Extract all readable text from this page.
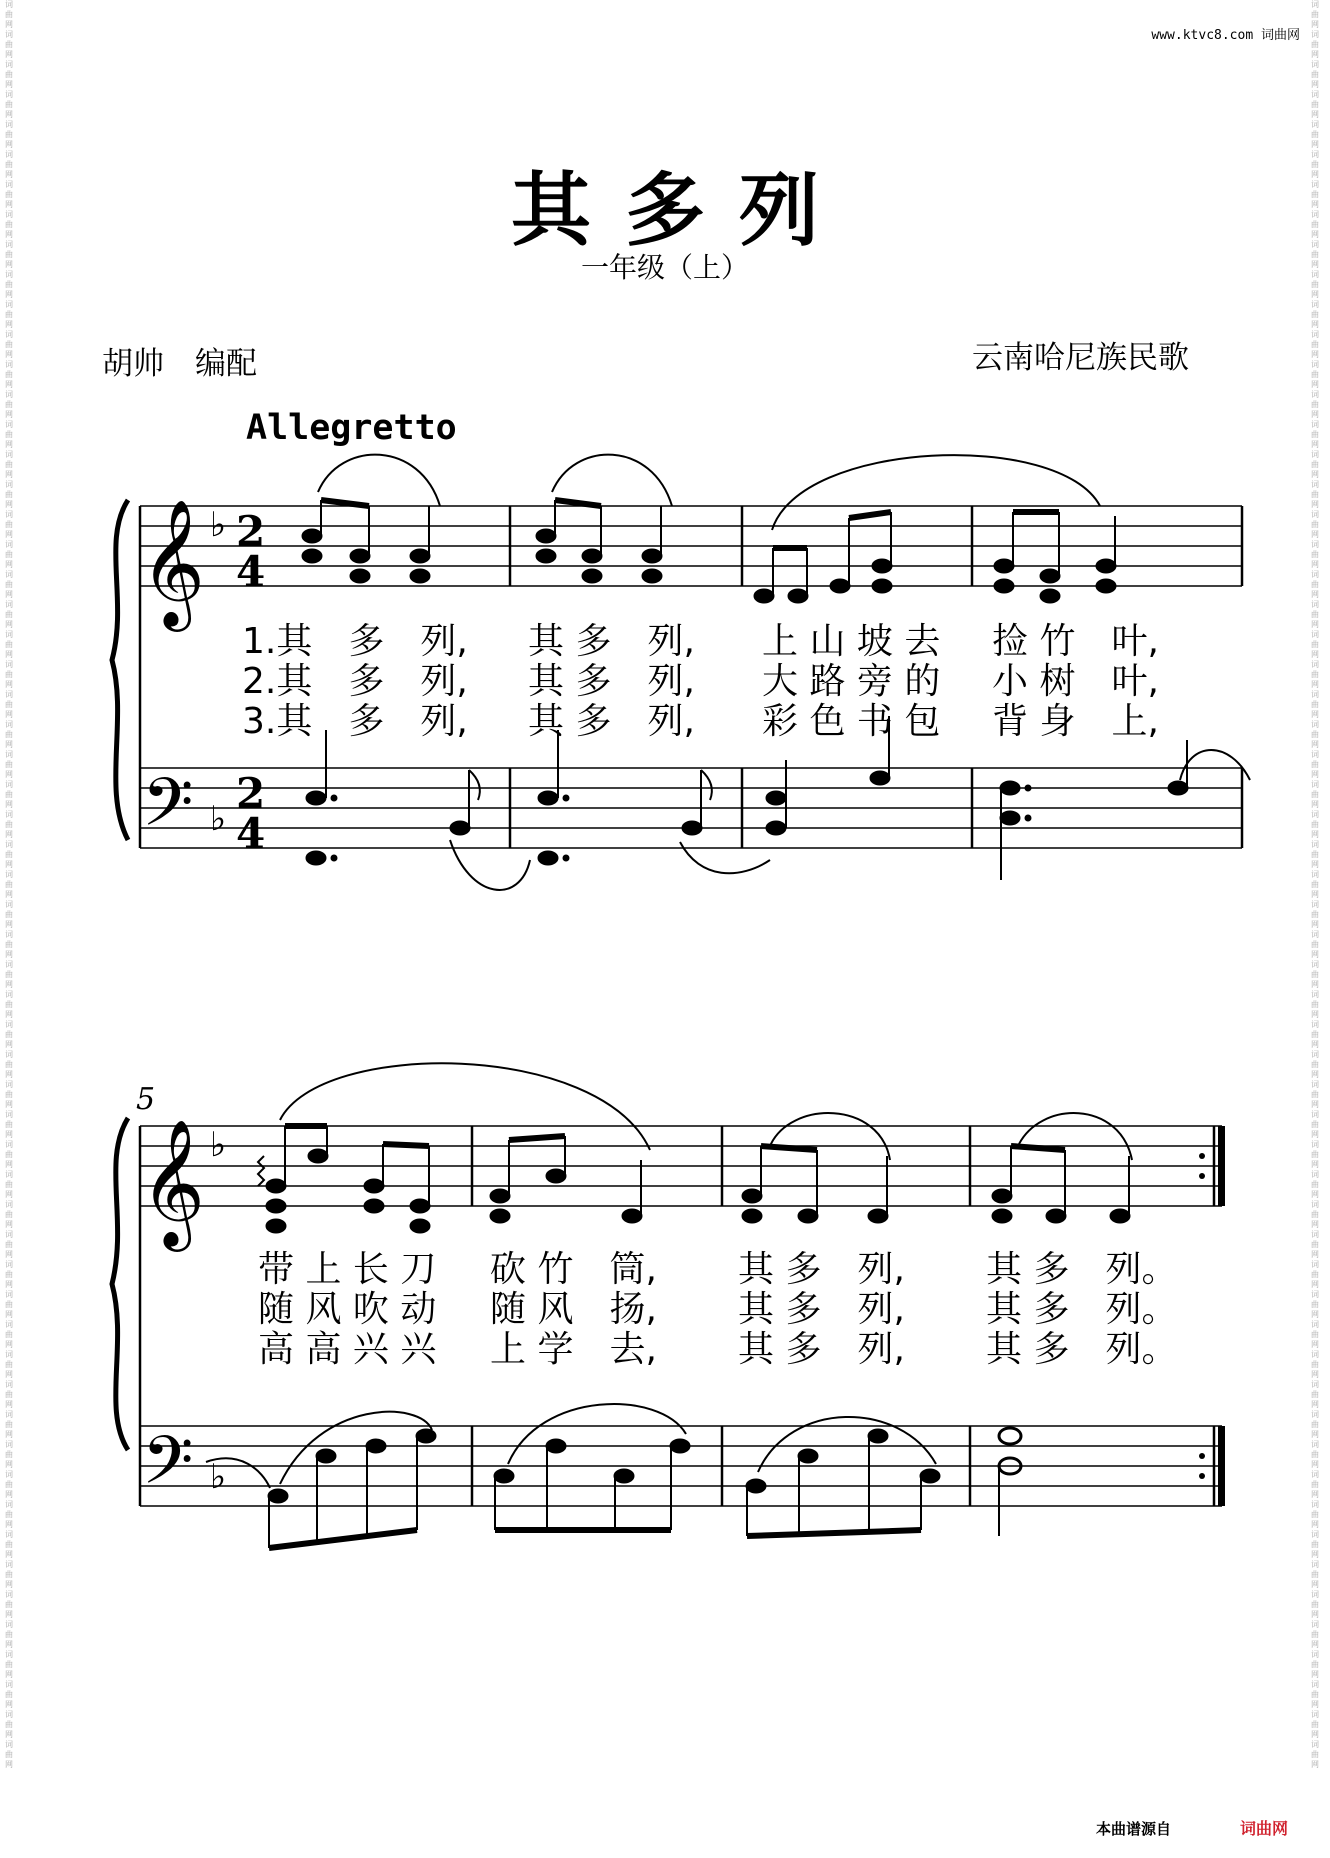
www.ktvc8.com 词曲网
词曲网词曲网词曲网词曲网词曲网词曲网词曲网词曲网词曲网词曲网词曲网词曲网词曲网词曲网词曲网词曲网词曲网词曲网词曲网词曲网词曲网词曲网词曲网词曲网词曲网词曲网词曲网词曲网词曲网词曲网词曲网词曲网词曲网词曲网词曲网词曲网词曲网词曲网词曲网词曲网词曲网词曲网词曲网词曲网词曲网词曲网词曲网词曲网词曲网词曲网词曲网词曲网词曲网词曲网词曲网词曲网词曲网词曲网词曲网
词曲网词曲网词曲网词曲网词曲网词曲网词曲网词曲网词曲网词曲网词曲网词曲网词曲网词曲网词曲网词曲网词曲网词曲网词曲网词曲网词曲网词曲网词曲网词曲网词曲网词曲网词曲网词曲网词曲网词曲网词曲网词曲网词曲网词曲网词曲网词曲网词曲网词曲网词曲网词曲网词曲网词曲网词曲网词曲网词曲网词曲网词曲网词曲网词曲网词曲网词曲网词曲网词曲网词曲网词曲网词曲网词曲网词曲网词曲网
其多列
一年级（上）
胡帅　编配	云南哈尼族民歌
Allegretto
5
𝄞
𝄢
♭
♭
2
4
2
4
𝄞
𝄢
♭
♭
1.其　多　列, 其 多　列, 上 山 坡 去 捡 竹　叶,
2.其　多　列, 其 多　列, 大 路 旁 的 小 树　叶,
3.其　多　列, 其 多　列, 彩 色 书 包 背 身　上,
带 上 长 刀 砍 竹　筒, 其 多　列, 其 多　列。
随 风 吹 动 随 风　扬, 其 多　列, 其 多　列。
高 高 兴 兴 上 学　去, 其 多　列, 其 多　列。
本曲谱源自	词曲网
